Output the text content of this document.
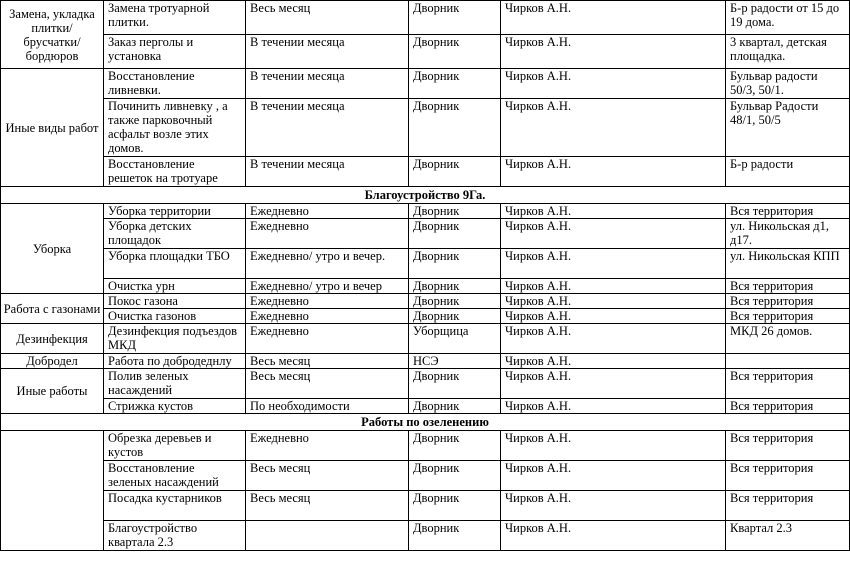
Замена, укладка плитки/брусчатки/бордюров	Замена тротуарной плитки.	Весь месяц	Дворник	Чирков А.Н.	Б-р радости от 15 до 19 дома.
	Заказ перголы и установка	В течении месяца	Дворник	Чирков А.Н.	3 квартал, детская площадка.
Иные виды работ	Восстановление ливневки.	В течении месяца	Дворник	Чирков А.Н.	Бульвар радости 50/3, 50/1.
	Починить ливневку , а также парковочный асфальт возле этих домов.	В течении месяца	Дворник	Чирков А.Н.	Бульвар Радости 48/1, 50/5
	Восстановление решеток на тротуаре	В течении месяца	Дворник	Чирков А.Н.	Б-р радости
Благоустройство 9Га.					
Уборка	Уборка территории	Ежедневно	Дворник	Чирков А.Н.	Вся территория
	Уборка детских площадок	Ежедневно	Дворник	Чирков А.Н.	ул. Никольская д1, д17.
	Уборка площадки ТБО	Ежедневно/ утро и вечер.	Дворник	Чирков А.Н.	ул. Никольская КПП
	Очистка урн	Ежедневно/ утро и вечер	Дворник	Чирков А.Н.	Вся территория
Работа с газонами	Покос газона	Ежедневно	Дворник	Чирков А.Н.	Вся территория
	Очистка газонов	Ежедневно	Дворник	Чирков А.Н.	Вся территория
Дезинфекция	Дезинфекция подъездов МКД	Ежедневно	Уборщица	Чирков А.Н.	МКД 26 домов.
Добродел	Работа по добродеднлу	Весь месяц	НСЭ	Чирков А.Н.	
Иные работы	Полив зеленых насаждений	Весь месяц	Дворник	Чирков А.Н.	Вся территория
	Стрижка кустов	По необходимости	Дворник	Чирков А.Н.	Вся территория
Работы по озеленению					
	Обрезка деревьев и кустов	Ежедневно	Дворник	Чирков А.Н.	Вся территория
	Восстановление зеленых насаждений	Весь месяц	Дворник	Чирков А.Н.	Вся территория
	Посадка кустарников	Весь месяц	Дворник	Чирков А.Н.	Вся территория
	Благоустройство квартала 2.3		Дворник	Чирков А.Н.	Квартал 2.3
